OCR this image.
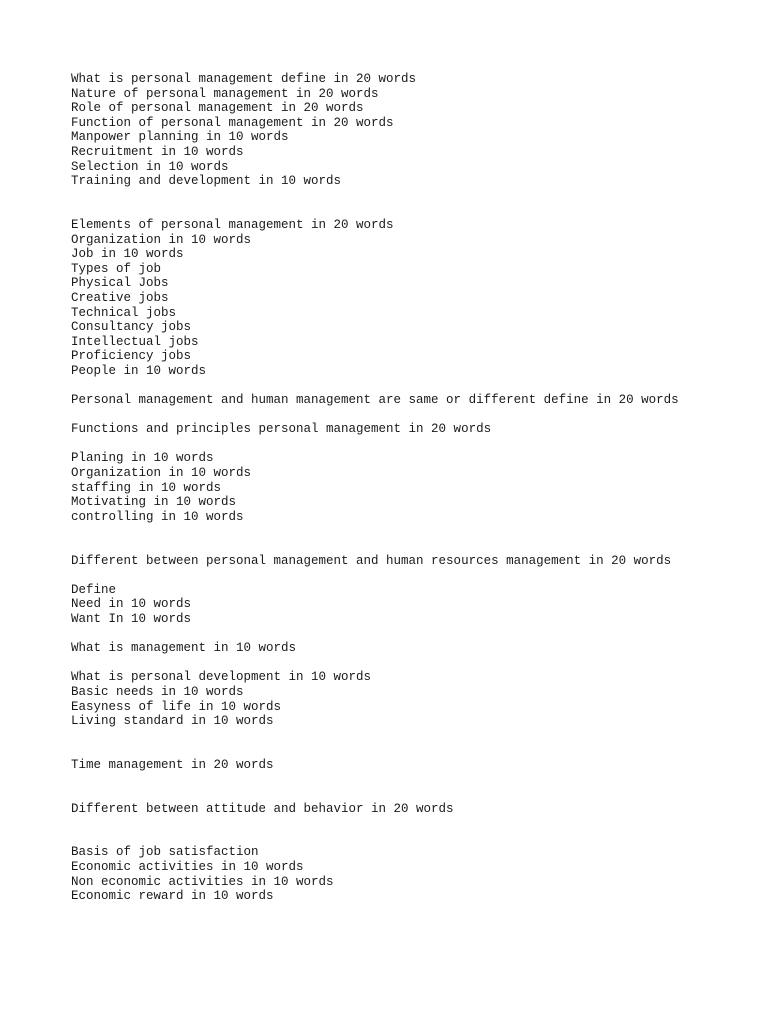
What is personal management define in 20 words
Nature of personal management in 20 words
Role of personal management in 20 words
Function of personal management in 20 words
Manpower planning in 10 words
Recruitment in 10 words
Selection in 10 words
Training and development in 10 words
Elements of personal management in 20 words
Organization in 10 words
Job in 10 words
Types of job
Physical Jobs
Creative jobs
Technical jobs
Consultancy jobs
Intellectual jobs
Proficiency jobs
People in 10 words
Personal management and human management are same or different define in 20 words
Functions and principles personal management in 20 words
Planing in 10 words
Organization in 10 words
staffing in 10 words
Motivating in 10 words
controlling in 10 words
Different between personal management and human resources management in 20 words
Define
Need in 10 words
Want In 10 words
What is management in 10 words
What is personal development in 10 words
Basic needs in 10 words
Easyness of life in 10 words
Living standard in 10 words
Time management in 20 words
Different between attitude and behavior in 20 words
Basis of job satisfaction
Economic activities in 10 words
Non economic activities in 10 words
Economic reward in 10 words
